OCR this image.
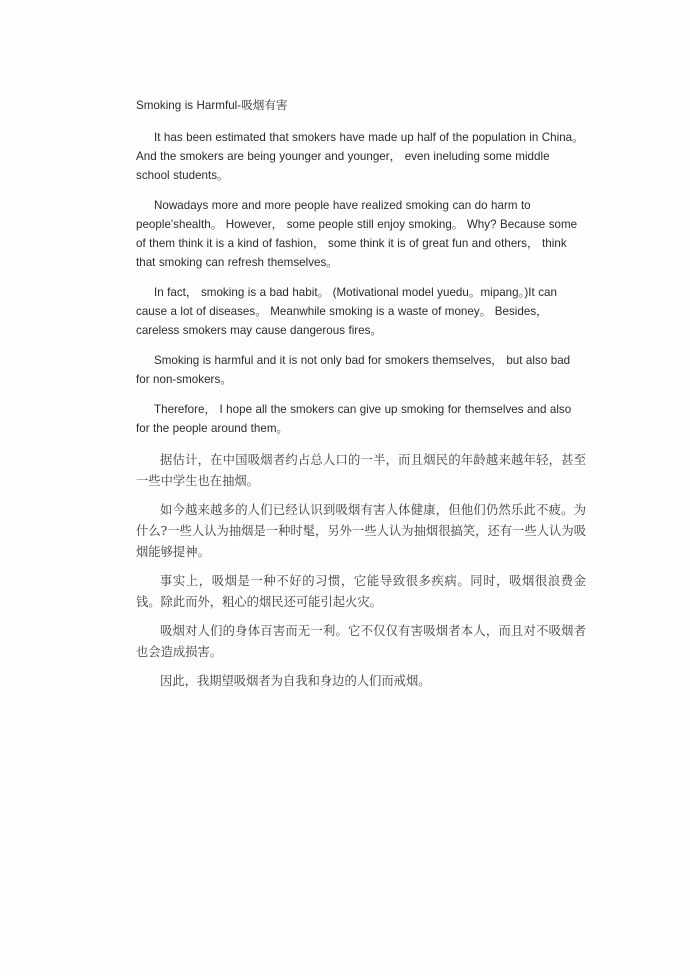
Smoking is Harmful-吸烟有害

It has been estimated that smokers have made up half of the population in China。 And the smokers are being younger and younger， even ineluding some middle school students。

Nowadays more and more people have realized smoking can do harm to people'shealth。 However， some people still enjoy smoking。 Why? Because some of them think it is a kind of fashion， some think it is of great fun and others， think that smoking can refresh themselves。

In fact， smoking is a bad habit。 (Motivational model yuedu。mipang。)It can cause a lot of diseases。 Meanwhile smoking is a waste of money。 Besides，careless smokers may cause dangerous fires。

Smoking is harmful and it is not only bad for smokers themselves， but also bad for non-smokers。

Therefore， I hope all the smokers can give up smoking for themselves and also for the people around them。

据估计，在中国吸烟者约占总人口的一半，而且烟民的年龄越来越年轻，甚至一些中学生也在抽烟。

如今越来越多的人们已经认识到吸烟有害人体健康，但他们仍然乐此不疲。为什么?一些人认为抽烟是一种时髦，另外一些人认为抽烟很搞笑，还有一些人认为吸烟能够提神。

事实上，吸烟是一种不好的习惯，它能导致很多疾病。同时，吸烟很浪费金钱。除此而外，粗心的烟民还可能引起火灾。

吸烟对人们的身体百害而无一利。它不仅仅有害吸烟者本人，而且对不吸烟者也会造成损害。

因此，我期望吸烟者为自我和身边的人们而戒烟。
